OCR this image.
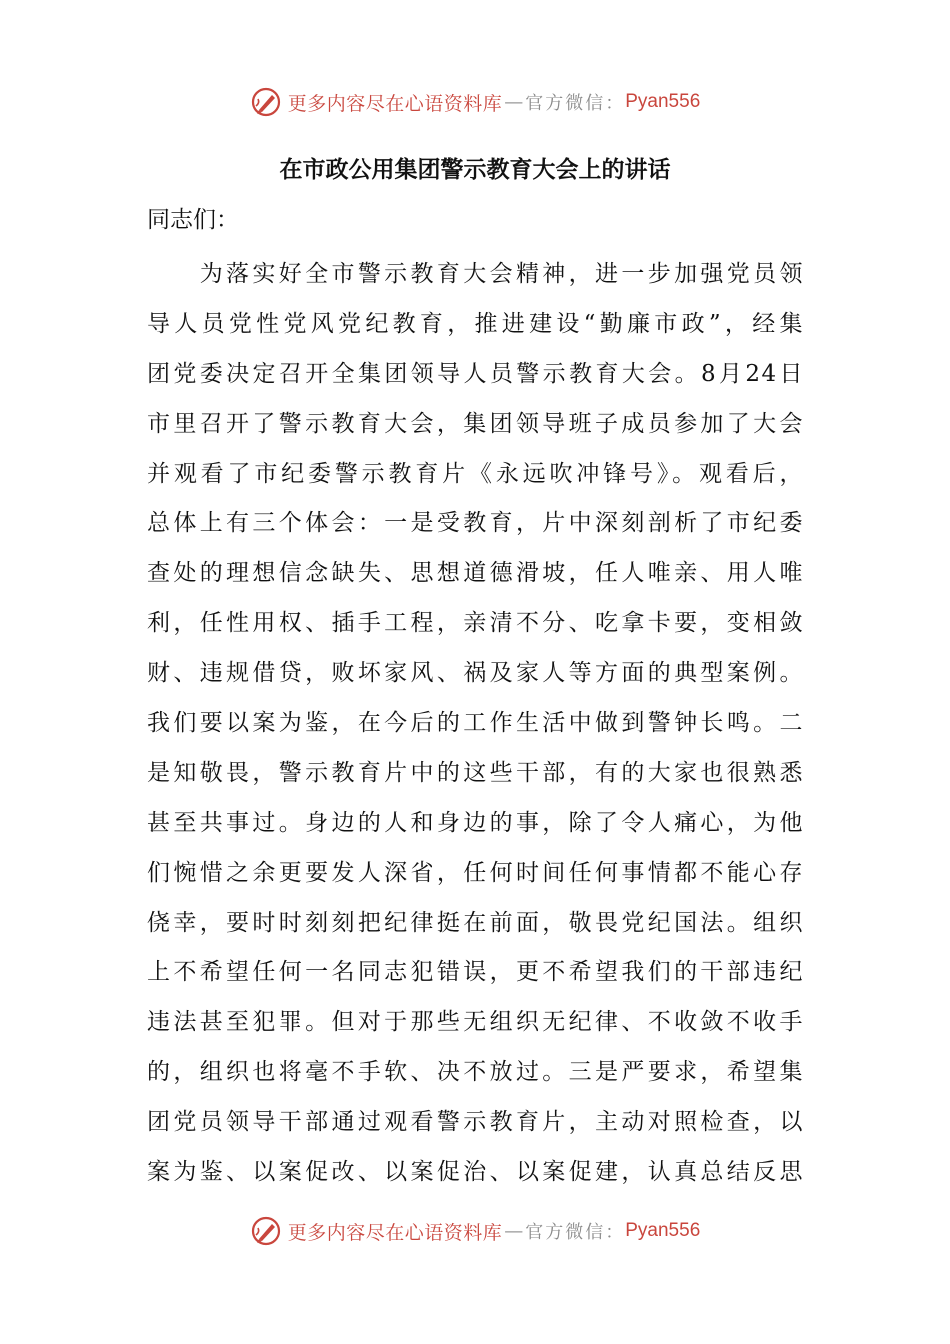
更多内容尽在心语资料库 — 官方微信： Pyan556
在市政公用集团警示教育大会上的讲话
同志们：
　　为落实好全市警示教育大会精神，进一步加强党员领
导人员党性党风党纪教育，推进建设“勤廉市政”，经集
团党委决定召开全集团领导人员警示教育大会。8月24日
市里召开了警示教育大会，集团领导班子成员参加了大会
并观看了市纪委警示教育片《永远吹冲锋号》。观看后，
总体上有三个体会：一是受教育，片中深刻剖析了市纪委
查处的理想信念缺失、思想道德滑坡，任人唯亲、用人唯
利，任性用权、插手工程，亲清不分、吃拿卡要，变相敛
财、违规借贷，败坏家风、祸及家人等方面的典型案例。
我们要以案为鉴，在今后的工作生活中做到警钟长鸣。二
是知敬畏，警示教育片中的这些干部，有的大家也很熟悉
甚至共事过。身边的人和身边的事，除了令人痛心，为他
们惋惜之余更要发人深省，任何时间任何事情都不能心存
侥幸，要时时刻刻把纪律挺在前面，敬畏党纪国法。组织
上不希望任何一名同志犯错误，更不希望我们的干部违纪
违法甚至犯罪。但对于那些无组织无纪律、不收敛不收手
的，组织也将毫不手软、决不放过。三是严要求，希望集
团党员领导干部通过观看警示教育片，主动对照检查，以
案为鉴、以案促改、以案促治、以案促建，认真总结反思
更多内容尽在心语资料库 — 官方微信： Pyan556
